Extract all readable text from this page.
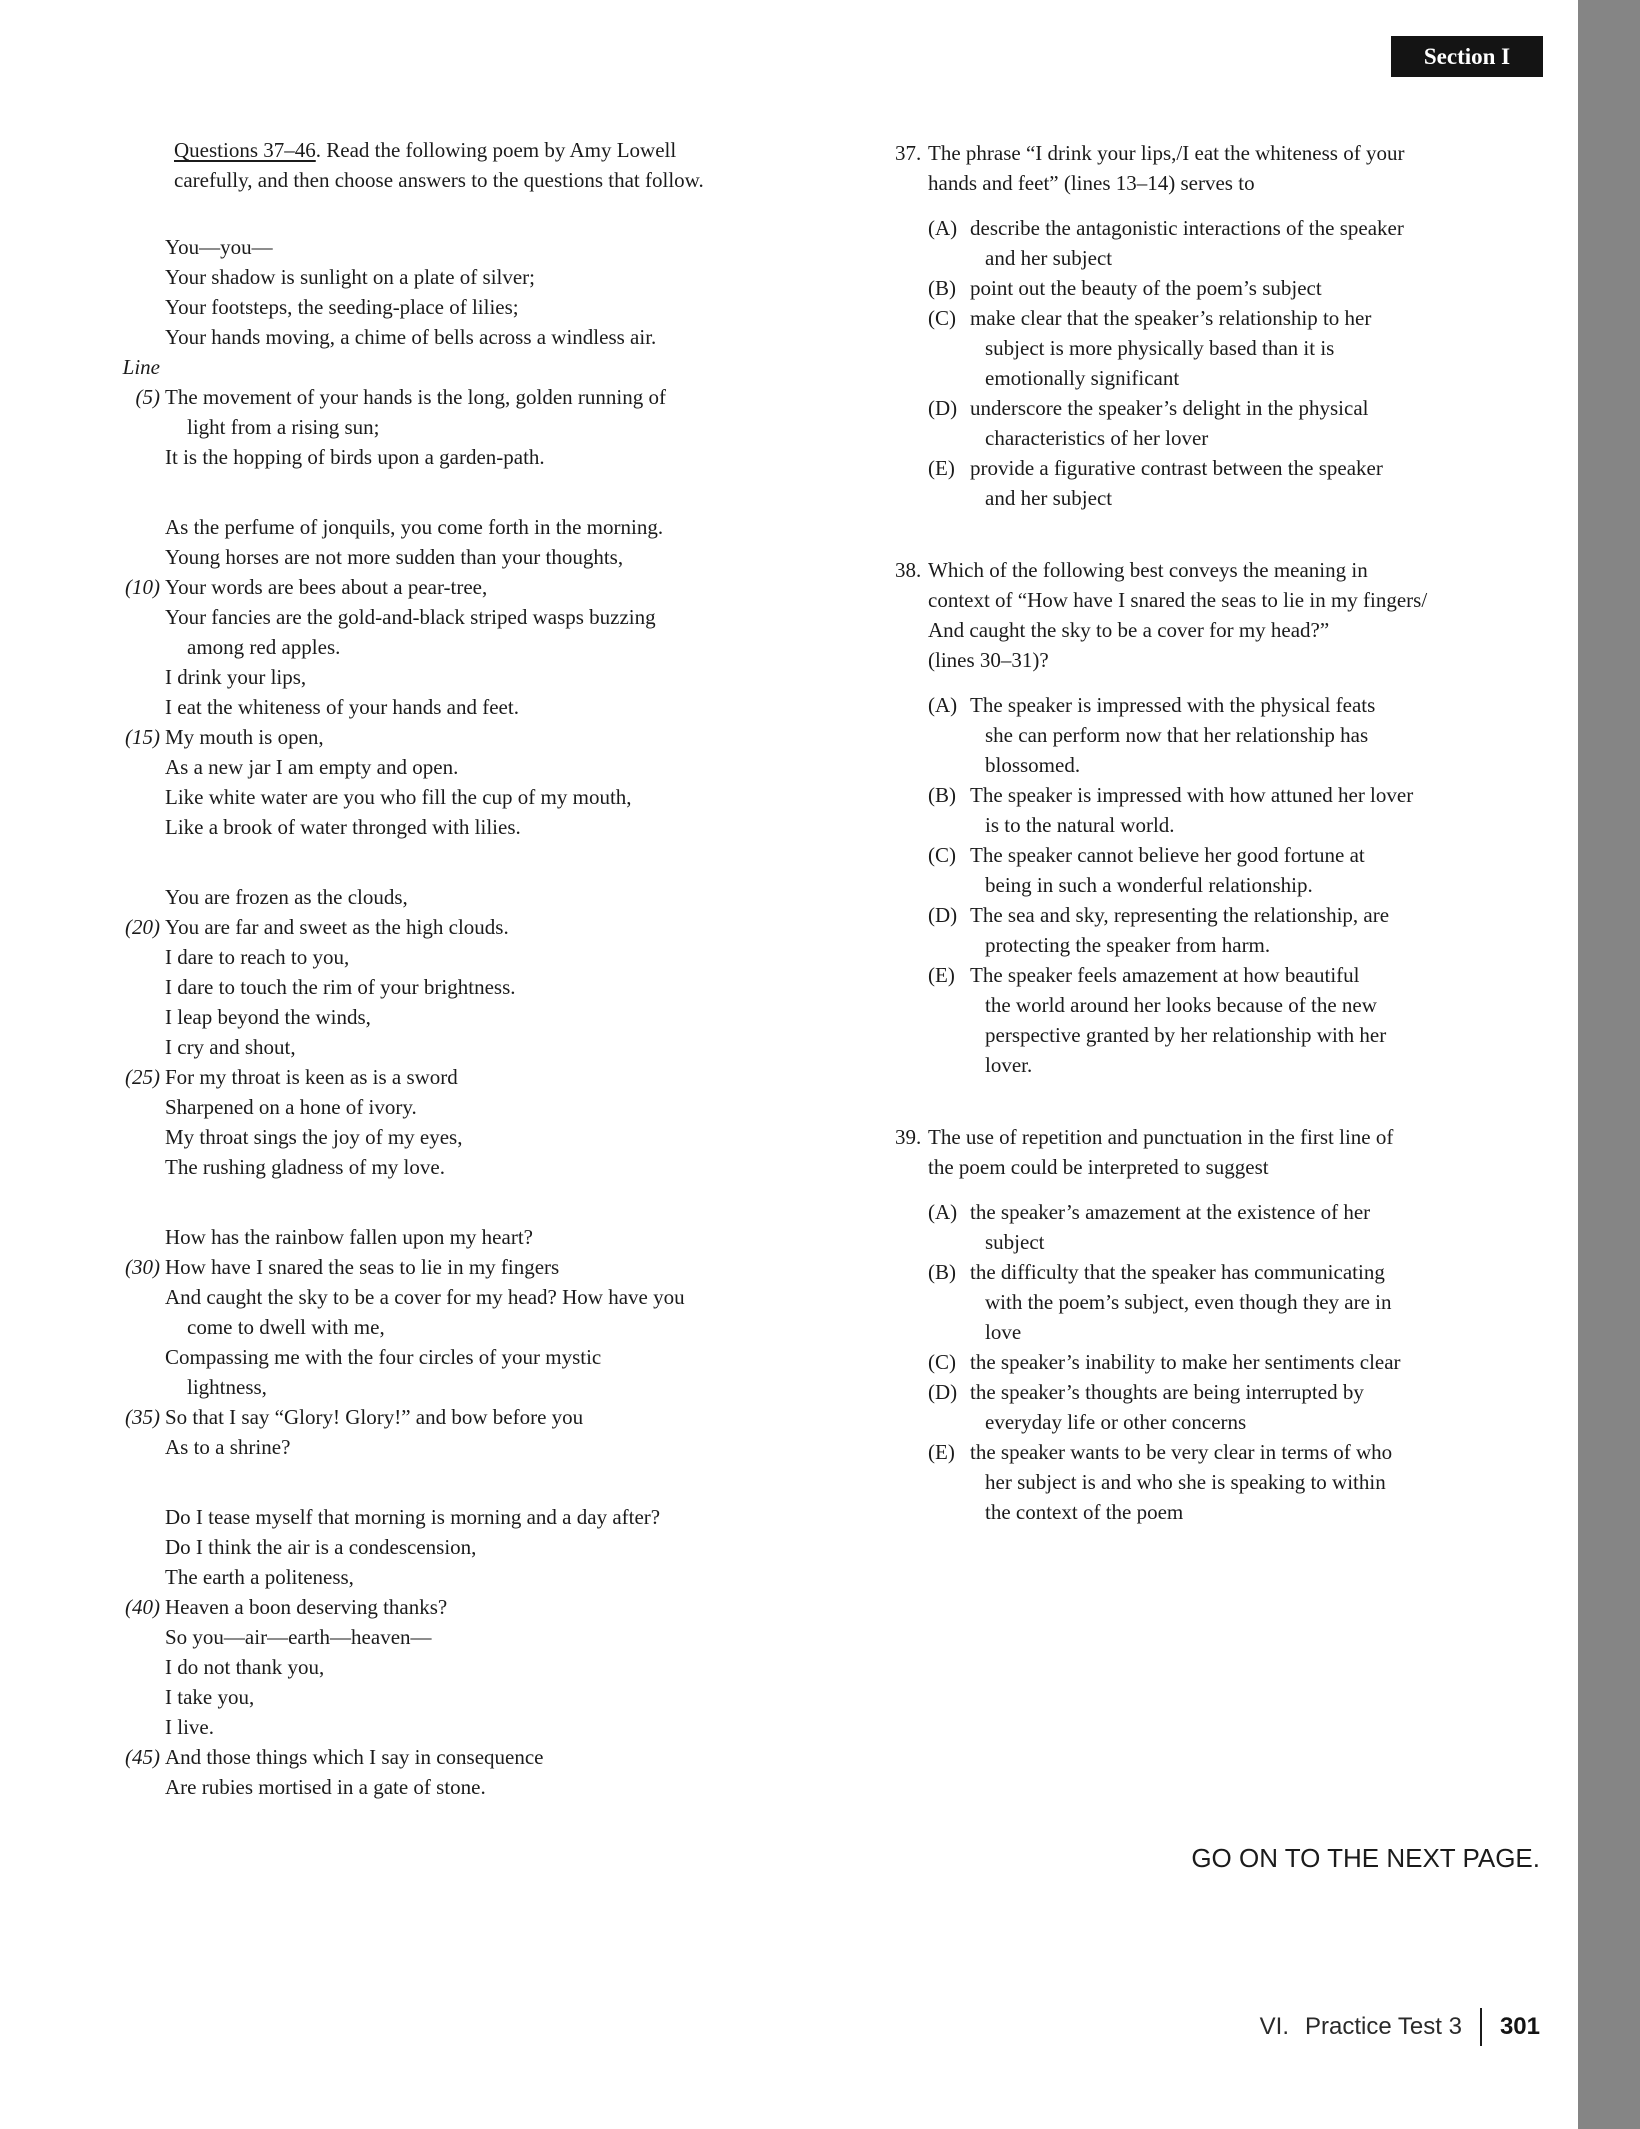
Section I
Questions 37–46. Read the following poem by Amy Lowell
carefully, and then choose answers to the questions that follow.
You—you—
Your shadow is sunlight on a plate of silver;
Your footsteps, the seeding-place of lilies;
Your hands moving, a chime of bells across a windless air.
Line
(5) The movement of your hands is the long, golden running of
light from a rising sun;
It is the hopping of birds upon a garden-path.
As the perfume of jonquils, you come forth in the morning.
Young horses are not more sudden than your thoughts,
(10) Your words are bees about a pear-tree,
Your fancies are the gold-and-black striped wasps buzzing
among red apples.
I drink your lips,
I eat the whiteness of your hands and feet.
(15) My mouth is open,
As a new jar I am empty and open.
Like white water are you who fill the cup of my mouth,
Like a brook of water thronged with lilies.
You are frozen as the clouds,
(20) You are far and sweet as the high clouds.
I dare to reach to you,
I dare to touch the rim of your brightness.
I leap beyond the winds,
I cry and shout,
(25) For my throat is keen as is a sword
Sharpened on a hone of ivory.
My throat sings the joy of my eyes,
The rushing gladness of my love.
How has the rainbow fallen upon my heart?
(30) How have I snared the seas to lie in my fingers
And caught the sky to be a cover for my head? How have you
come to dwell with me,
Compassing me with the four circles of your mystic
lightness,
(35) So that I say “Glory! Glory!” and bow before you
As to a shrine?
Do I tease myself that morning is morning and a day after?
Do I think the air is a condescension,
The earth a politeness,
(40) Heaven a boon deserving thanks?
So you—air—earth—heaven—
I do not thank you,
I take you,
I live.
(45) And those things which I say in consequence
Are rubies mortised in a gate of stone.
37. The phrase “I drink your lips,/I eat the whiteness of your
hands and feet” (lines 13–14) serves to
(A) describe the antagonistic interactions of the speaker
and her subject
(B) point out the beauty of the poem’s subject
(C) make clear that the speaker’s relationship to her
subject is more physically based than it is
emotionally significant
(D) underscore the speaker’s delight in the physical
characteristics of her lover
(E) provide a figurative contrast between the speaker
and her subject
38. Which of the following best conveys the meaning in
context of “How have I snared the seas to lie in my fingers/
And caught the sky to be a cover for my head?”
(lines 30–31)?
(A) The speaker is impressed with the physical feats
she can perform now that her relationship has
blossomed.
(B) The speaker is impressed with how attuned her lover
is to the natural world.
(C) The speaker cannot believe her good fortune at
being in such a wonderful relationship.
(D) The sea and sky, representing the relationship, are
protecting the speaker from harm.
(E) The speaker feels amazement at how beautiful
the world around her looks because of the new
perspective granted by her relationship with her
lover.
39. The use of repetition and punctuation in the first line of
the poem could be interpreted to suggest
(A) the speaker’s amazement at the existence of her
subject
(B) the difficulty that the speaker has communicating
with the poem’s subject, even though they are in
love
(C) the speaker’s inability to make her sentiments clear
(D) the speaker’s thoughts are being interrupted by
everyday life or other concerns
(E) the speaker wants to be very clear in terms of who
her subject is and who she is speaking to within
the context of the poem
GO ON TO THE NEXT PAGE.
VI. Practice Test 3 301
